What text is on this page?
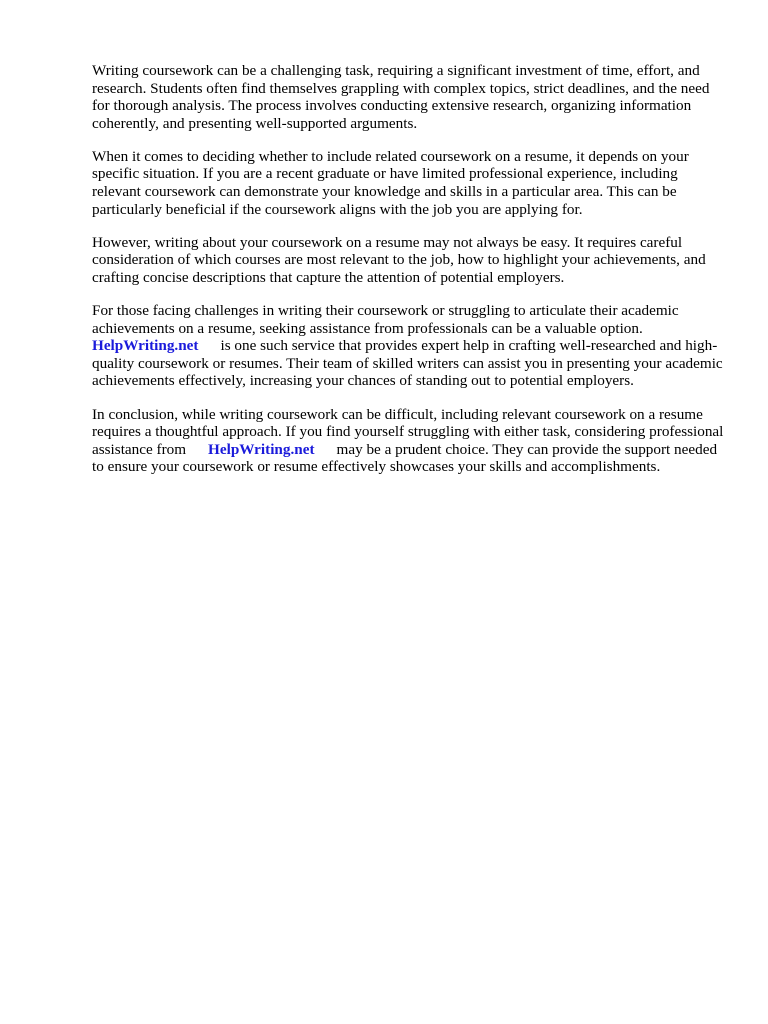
Writing coursework can be a challenging task, requiring a significant investment of time, effort, and research. Students often find themselves grappling with complex topics, strict deadlines, and the need for thorough analysis. The process involves conducting extensive research, organizing information coherently, and presenting well-supported arguments.

When it comes to deciding whether to include related coursework on a resume, it depends on your specific situation. If you are a recent graduate or have limited professional experience, including relevant coursework can demonstrate your knowledge and skills in a particular area. This can be particularly beneficial if the coursework aligns with the job you are applying for.

However, writing about your coursework on a resume may not always be easy. It requires careful consideration of which courses are most relevant to the job, how to highlight your achievements, and crafting concise descriptions that capture the attention of potential employers.

For those facing challenges in writing their coursework or struggling to articulate their academic achievements on a resume, seeking assistance from professionals can be a valuable option.
HelpWriting.net is one such service that provides expert help in crafting well-researched and high-quality coursework or resumes. Their team of skilled writers can assist you in presenting your academic achievements effectively, increasing your chances of standing out to potential employers.

In conclusion, while writing coursework can be difficult, including relevant coursework on a resume requires a thoughtful approach. If you find yourself struggling with either task, considering professional assistance from HelpWriting.net may be a prudent choice. They can provide the support needed to ensure your coursework or resume effectively showcases your skills and accomplishments.
